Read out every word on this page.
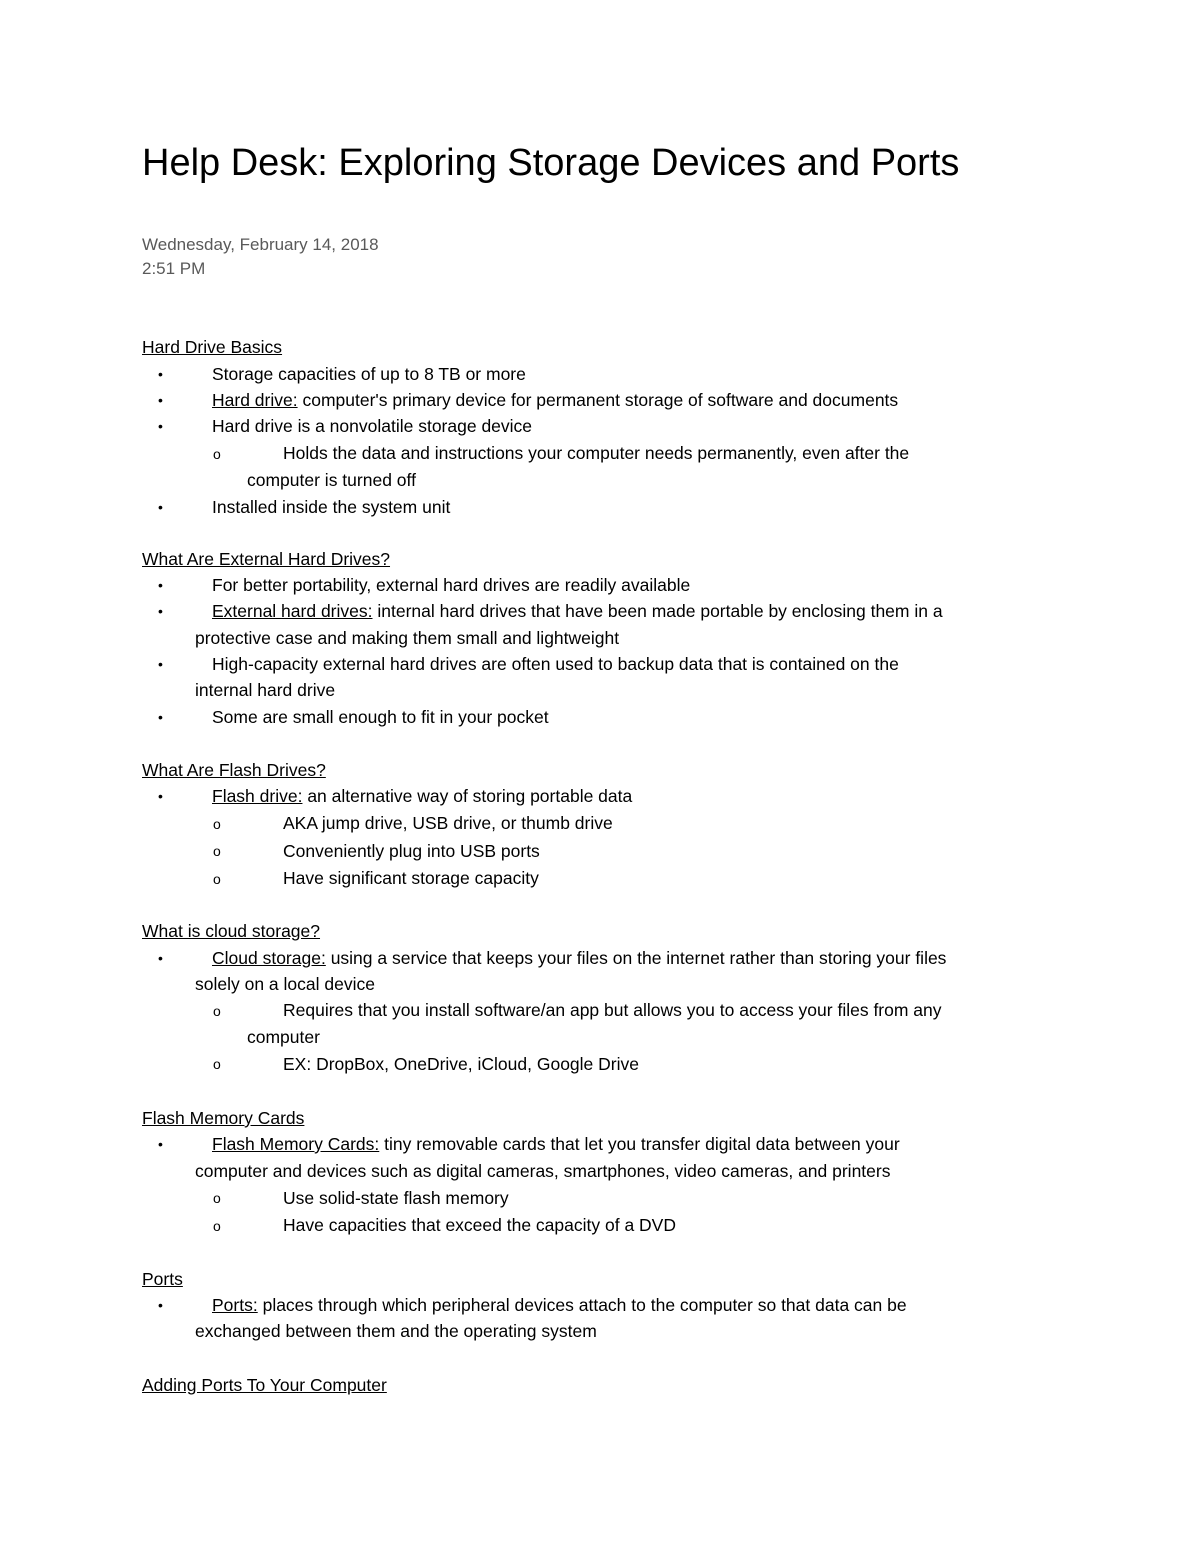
Help Desk: Exploring Storage Devices and Ports
Wednesday, February 14, 2018
2:51 PM
Hard Drive Basics
•	Storage capacities of up to 8 TB or more
•	Hard drive: computer's primary device for permanent storage of software and documents
•	Hard drive is a nonvolatile storage device
o	Holds the data and instructions your computer needs permanently, even after the
computer is turned off
•	Installed inside the system unit
What Are External Hard Drives?
•	For better portability, external hard drives are readily available
•	External hard drives: internal hard drives that have been made portable by enclosing them in a
protective case and making them small and lightweight
•	High-capacity external hard drives are often used to backup data that is contained on the
internal hard drive
•	Some are small enough to fit in your pocket
What Are Flash Drives?
•	Flash drive: an alternative way of storing portable data
o	AKA jump drive, USB drive, or thumb drive
o	Conveniently plug into USB ports
o	Have significant storage capacity
What is cloud storage?
•	Cloud storage: using a service that keeps your files on the internet rather than storing your files
solely on a local device
o	Requires that you install software/an app but allows you to access your files from any
computer
o	EX: DropBox, OneDrive, iCloud, Google Drive
Flash Memory Cards
•	Flash Memory Cards: tiny removable cards that let you transfer digital data between your
computer and devices such as digital cameras, smartphones, video cameras, and printers
o	Use solid-state flash memory
o	Have capacities that exceed the capacity of a DVD
Ports
•	Ports: places through which peripheral devices attach to the computer so that data can be
exchanged between them and the operating system
Adding Ports To Your Computer
